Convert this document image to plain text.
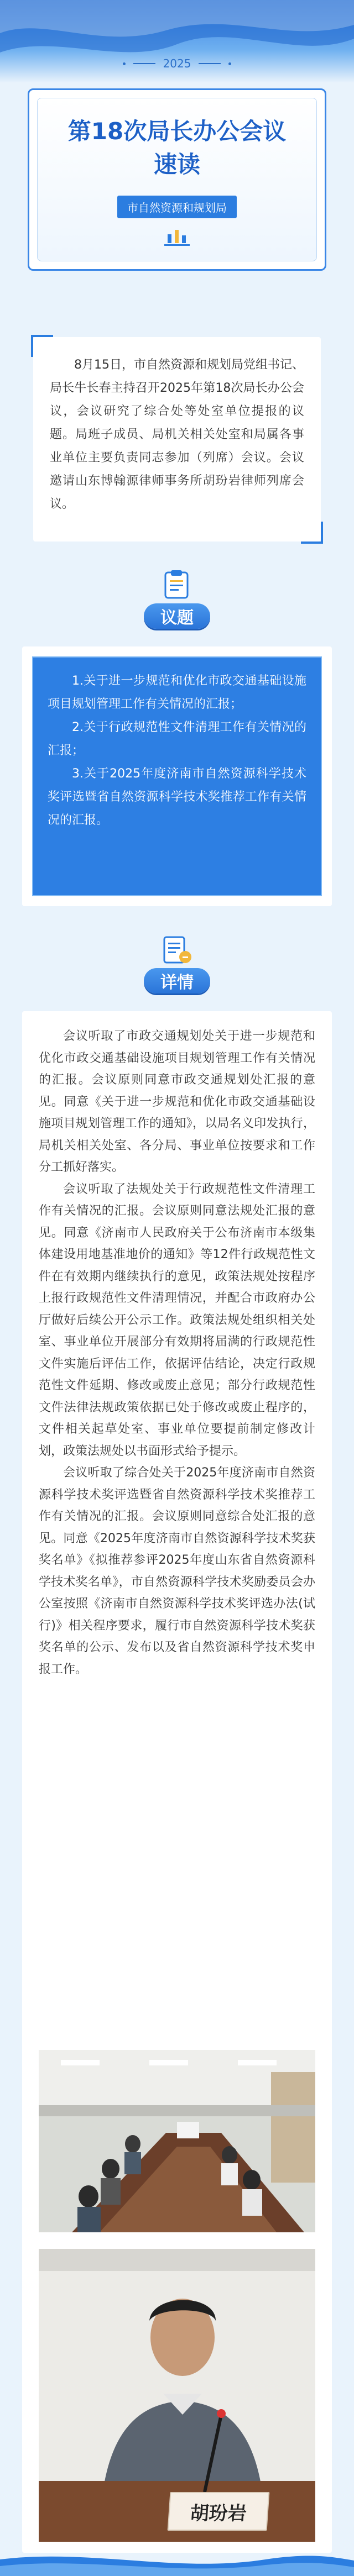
2025
第18次局长办公会议
速读
市自然资源和规划局

8月15日，市自然资源和规划局党组书记、局长牛长春主持召开2025年第18次局长办公会议，会议研究了综合处等处室单位提报的议题。局班子成员、局机关相关处室和局属各事业单位主要负责同志参加（列席）会议。会议邀请山东博翰源律师事务所胡玢岩律师列席会议。

议题

1.关于进一步规范和优化市政交通基础设施项目规划管理工作有关情况的汇报；

2.关于行政规范性文件清理工作有关情况的汇报；

3.关于2025年度济南市自然资源科学技术奖评选暨省自然资源科学技术奖推荐工作有关情况的汇报。

详情

会议听取了市政交通规划处关于进一步规范和优化市政交通基础设施项目规划管理工作有关情况的汇报。会议原则同意市政交通规划处汇报的意见。同意《关于进一步规范和优化市政交通基础设施项目规划管理工作的通知》，以局名义印发执行，局机关相关处室、各分局、事业单位按要求和工作分工抓好落实。

会议听取了法规处关于行政规范性文件清理工作有关情况的汇报。会议原则同意法规处汇报的意见。同意《济南市人民政府关于公布济南市本级集体建设用地基准地价的通知》等12件行政规范性文件在有效期内继续执行的意见，政策法规处按程序上报行政规范性文件清理情况，并配合市政府办公厅做好后续公开公示工作。政策法规处组织相关处室、事业单位开展部分有效期将届满的行政规范性文件实施后评估工作，依据评估结论，决定行政规范性文件延期、修改或废止意见；部分行政规范性文件法律法规政策依据已处于修改或废止程序的，文件相关起草处室、事业单位要提前制定修改计划，政策法规处以书面形式给予提示。

会议听取了综合处关于2025年度济南市自然资源科学技术奖评选暨省自然资源科学技术奖推荐工作有关情况的汇报。会议原则同意综合处汇报的意见。同意《2025年度济南市自然资源科学技术奖获奖名单》《拟推荐参评2025年度山东省自然资源科学技术奖名单》，市自然资源科学技术奖励委员会办公室按照《济南市自然资源科学技术奖评选办法(试行)》相关程序要求，履行市自然资源科学技术奖获奖名单的公示、发布以及省自然资源科学技术奖申报工作。

胡玢岩
